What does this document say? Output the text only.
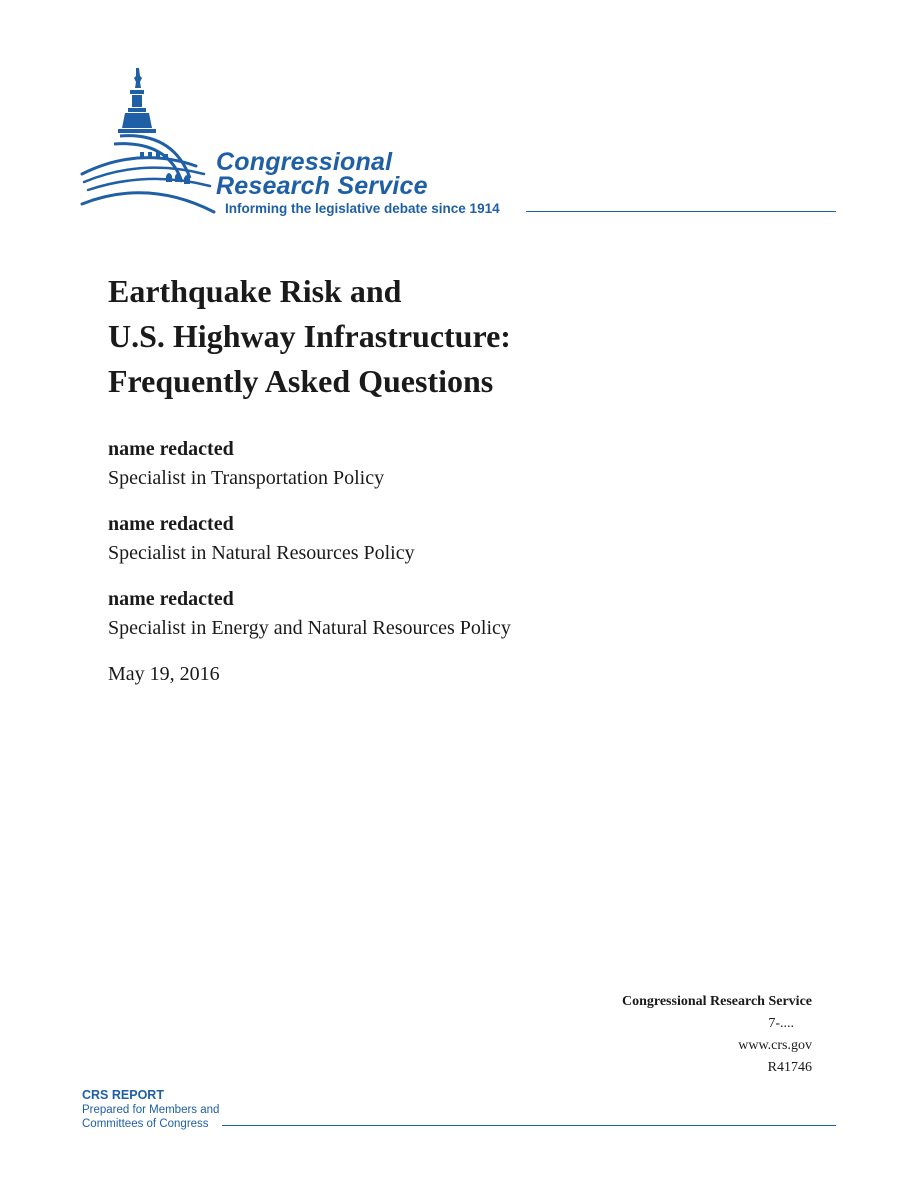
Congressional
Research Service
Informing the legislative debate since 1914
Earthquake Risk and
U.S. Highway Infrastructure:
Frequently Asked Questions
name redacted
Specialist in Transportation Policy
name redacted
Specialist in Natural Resources Policy
name redacted
Specialist in Energy and Natural Resources Policy
May 19, 2016
Congressional Research Service
7-....
www.crs.gov
R41746
CRS REPORT
Prepared for Members and
Committees of Congress
